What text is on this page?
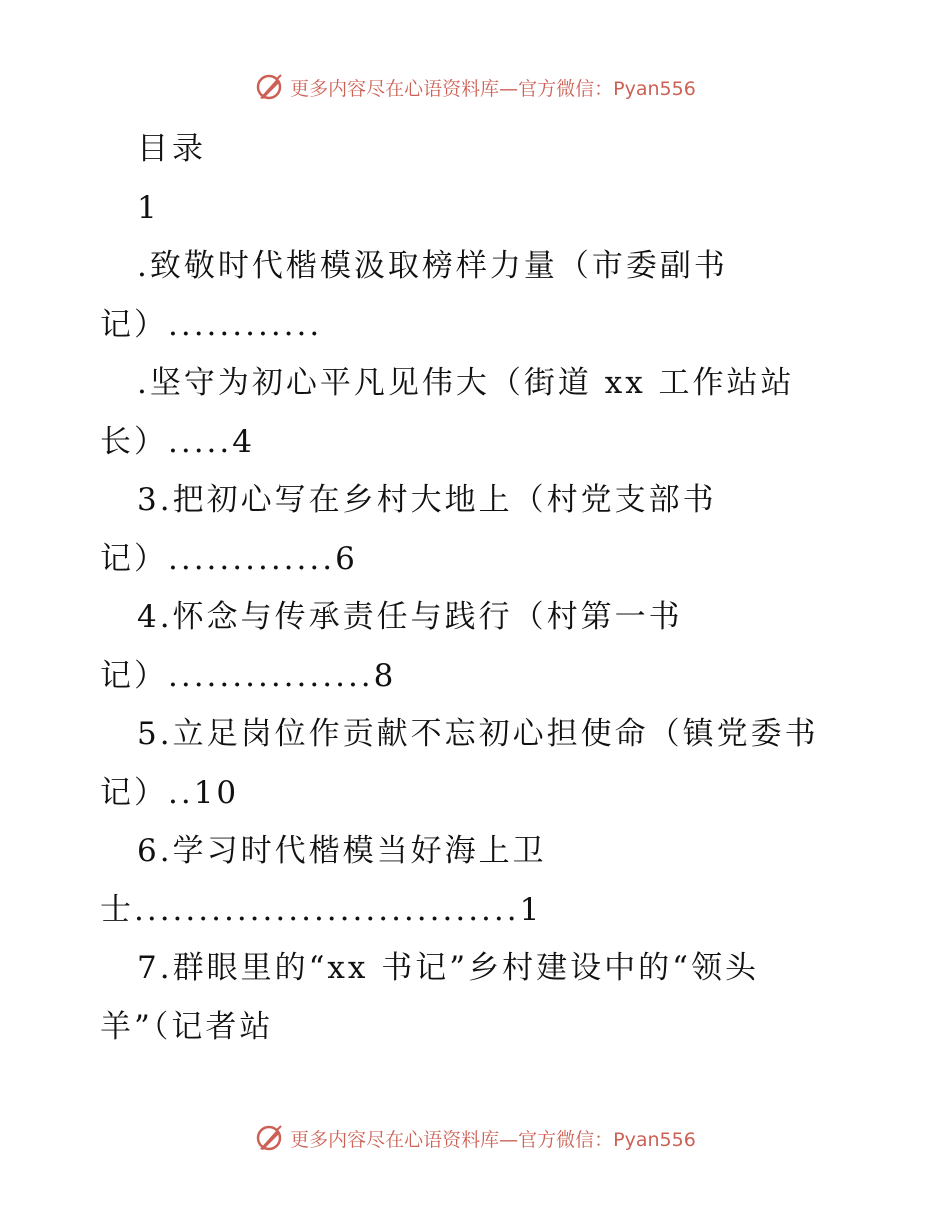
更多内容尽在心语资料库—官方微信：Pyan556
目录
1
.致敬时代楷模汲取榜样力量（市委副书
记）............
.坚守为初心平凡见伟大（街道 xx 工作站站
长）.....4
3.把初心写在乡村大地上（村党支部书
记）.............6
4.怀念与传承责任与践行（村第一书
记）................8
5.立足岗位作贡献不忘初心担使命（镇党委书
记）..10
6.学习时代楷模当好海上卫
士..............................1
7.群眼里的“xx 书记”乡村建设中的“领头
羊”（记者站
更多内容尽在心语资料库—官方微信：Pyan556
